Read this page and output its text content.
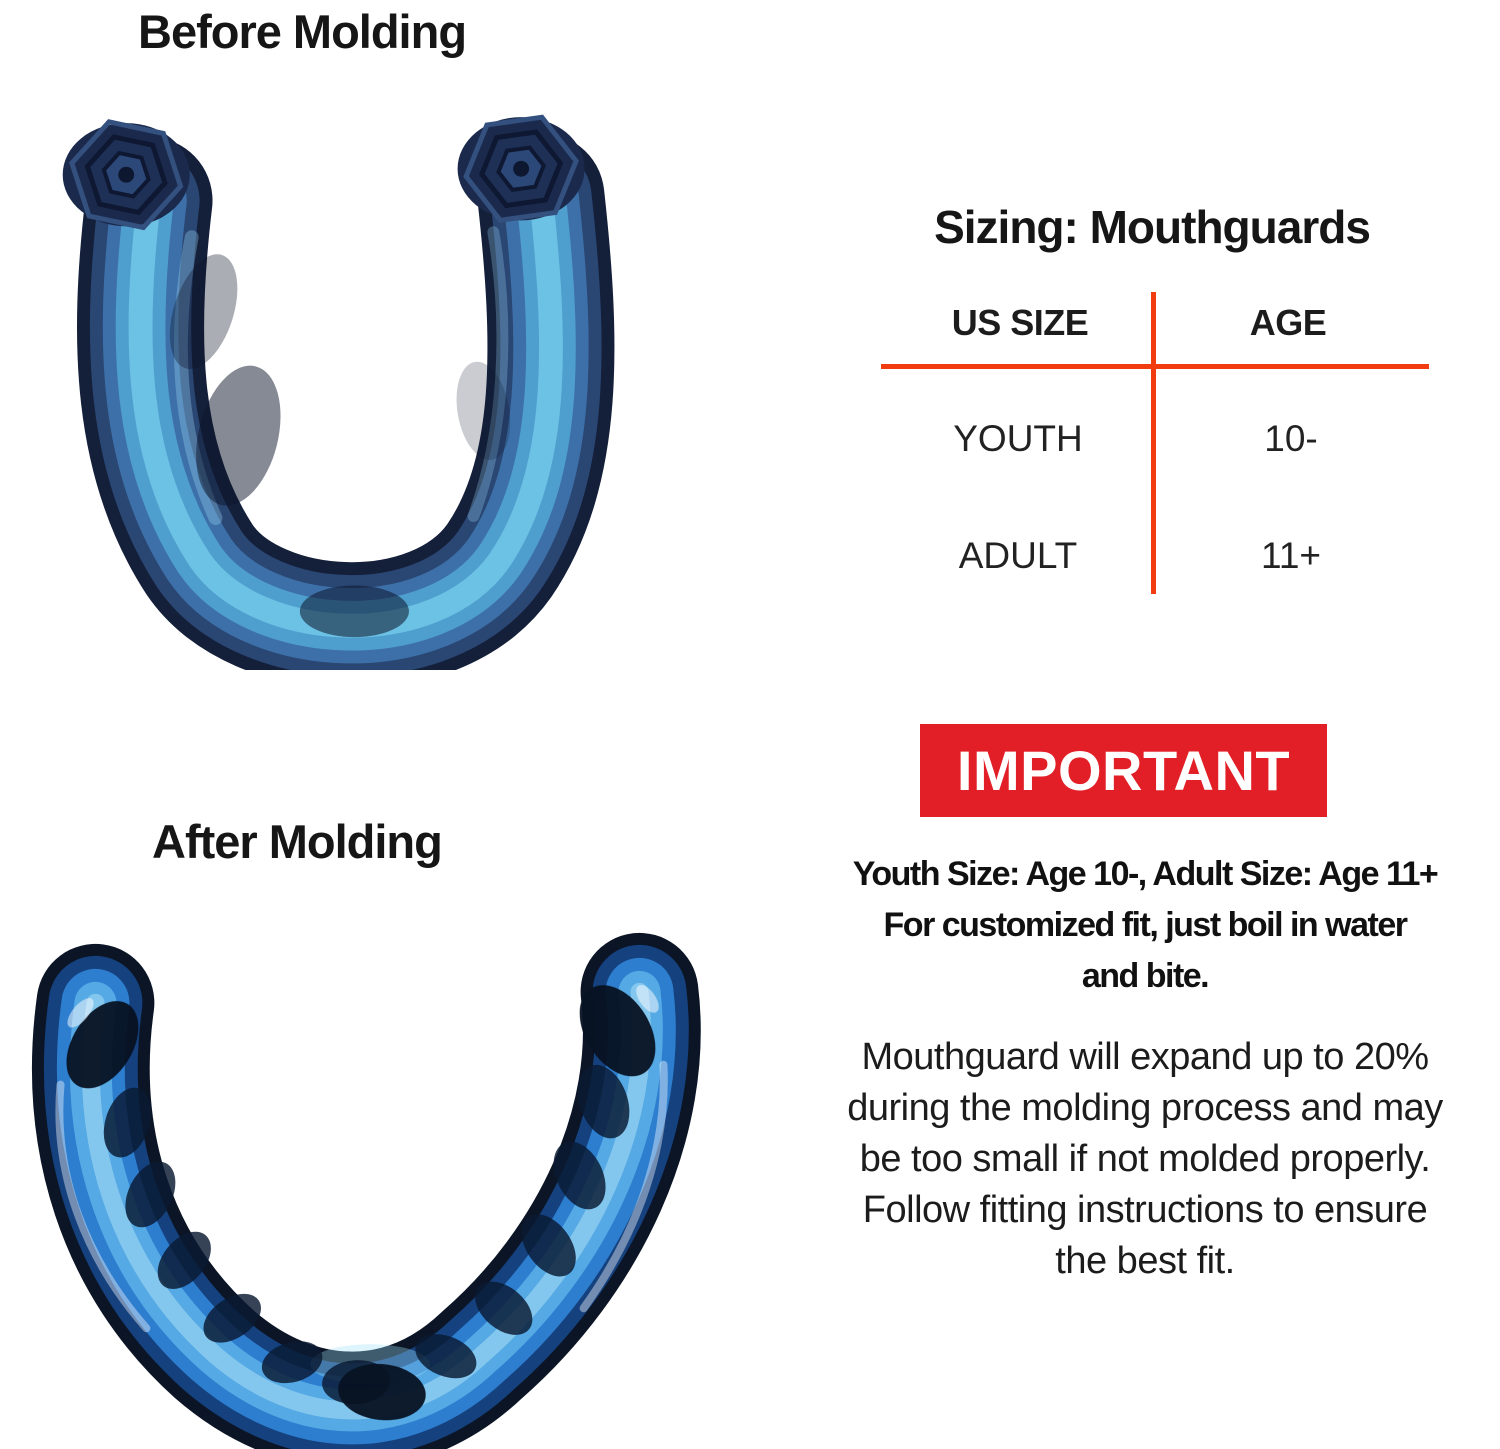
Before Molding
After Molding
Sizing: Mouthguards
US SIZE	AGE
YOUTH	10-
ADULT	11+
IMPORTANT
Youth Size: Age 10-, Adult Size: Age 11+
For customized fit, just boil in water
and bite.
Mouthguard will expand up to 20%
during the molding process and may
be too small if not molded properly.
Follow fitting instructions to ensure
the best fit.
